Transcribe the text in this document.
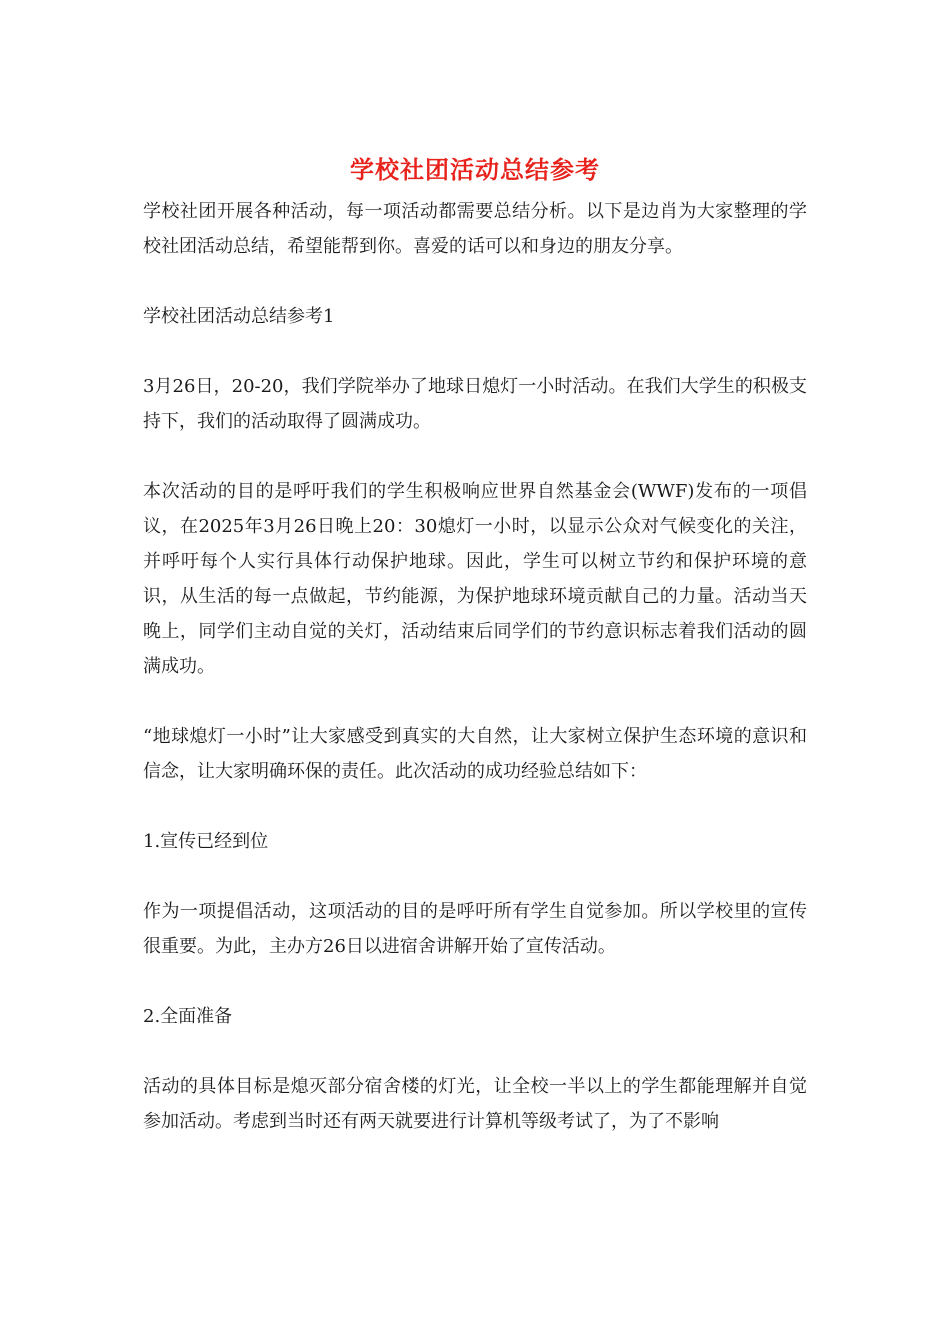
学校社团活动总结参考

学校社团开展各种活动，每一项活动都需要总结分析。以下是边肖为大家整理的学校社团活动总结，希望能帮到你。喜爱的话可以和身边的朋友分享。

学校社团活动总结参考1

3月26日，20-20，我们学院举办了地球日熄灯一小时活动。在我们大学生的积极支持下，我们的活动取得了圆满成功。

本次活动的目的是呼吁我们的学生积极响应世界自然基金会(WWF)发布的一项倡议，在2025年3月26日晚上20：30熄灯一小时，以显示公众对气候变化的关注，并呼吁每个人实行具体行动保护地球。因此，学生可以树立节约和保护环境的意识，从生活的每一点做起，节约能源，为保护地球环境贡献自己的力量。活动当天晚上，同学们主动自觉的关灯，活动结束后同学们的节约意识标志着我们活动的圆满成功。

“地球熄灯一小时”让大家感受到真实的大自然，让大家树立保护生态环境的意识和信念，让大家明确环保的责任。此次活动的成功经验总结如下：

1.宣传已经到位

作为一项提倡活动，这项活动的目的是呼吁所有学生自觉参加。所以学校里的宣传很重要。为此，主办方26日以进宿舍讲解开始了宣传活动。

2.全面准备

活动的具体目标是熄灭部分宿舍楼的灯光，让全校一半以上的学生都能理解并自觉参加活动。考虑到当时还有两天就要进行计算机等级考试了，为了不影响
